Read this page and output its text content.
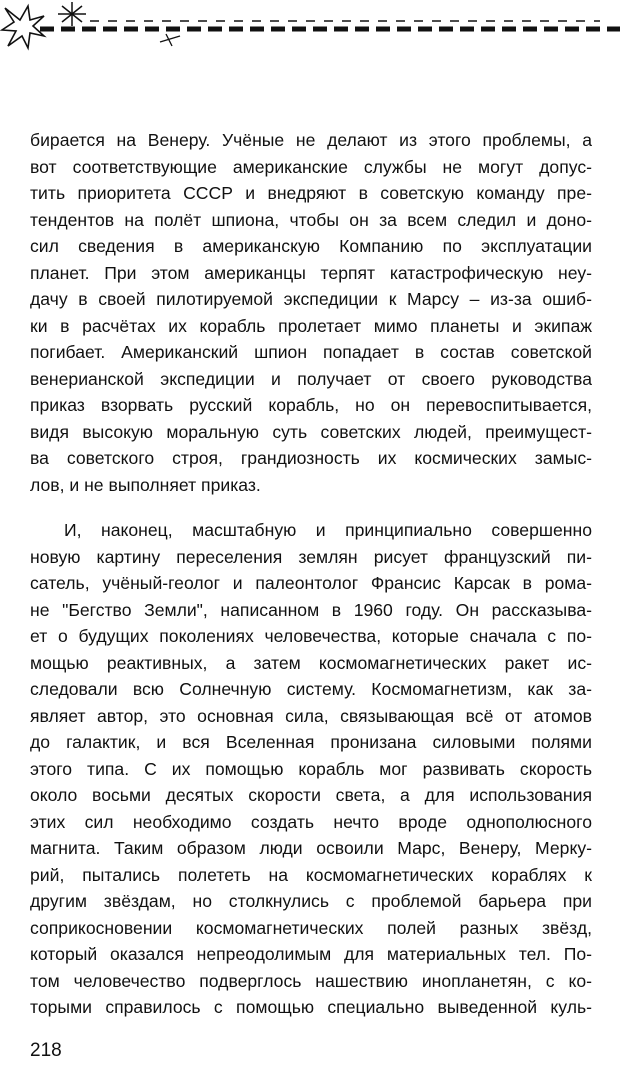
бирается на Венеру. Учёные не делают из этого проблемы, а
вот соответствующие американские службы не могут допус-
тить приоритета СССР и внедряют в советскую команду пре-
тендентов на полёт шпиона, чтобы он за всем следил и доно-
сил сведения в американскую Компанию по эксплуатации
планет. При этом американцы терпят катастрофическую неу-
дачу в своей пилотируемой экспедиции к Марсу – из-за ошиб-
ки в расчётах их корабль пролетает мимо планеты и экипаж
погибает. Американский шпион попадает в состав советской
венерианской экспедиции и получает от своего руководства
приказ взорвать русский корабль, но он перевоспитывается,
видя высокую моральную суть советских людей, преимущест-
ва советского строя, грандиозность их космических замыс-
лов, и не выполняет приказ.
И, наконец, масштабную и принципиально совершенно
новую картину переселения землян рисует французский пи-
сатель, учёный-геолог и палеонтолог Франсис Карсак в рома-
не "Бегство Земли", написанном в 1960 году. Он рассказыва-
ет о будущих поколениях человечества, которые сначала с по-
мощью реактивных, а затем космомагнетических ракет ис-
следовали всю Солнечную систему. Космомагнетизм, как за-
являет автор, это основная сила, связывающая всё от атомов
до галактик, и вся Вселенная пронизана силовыми полями
этого типа. С их помощью корабль мог развивать скорость
около восьми десятых скорости света, а для использования
этих сил необходимо создать нечто вроде однополюсного
магнита. Таким образом люди освоили Марс, Венеру, Мерку-
рий, пытались полететь на космомагнетических кораблях к
другим звёздам, но столкнулись с проблемой барьера при
соприкосновении космомагнетических полей разных звёзд,
который оказался непреодолимым для материальных тел. По-
том человечество подверглось нашествию инопланетян, с ко-
торыми справилось с помощью специально выведенной куль-
218
